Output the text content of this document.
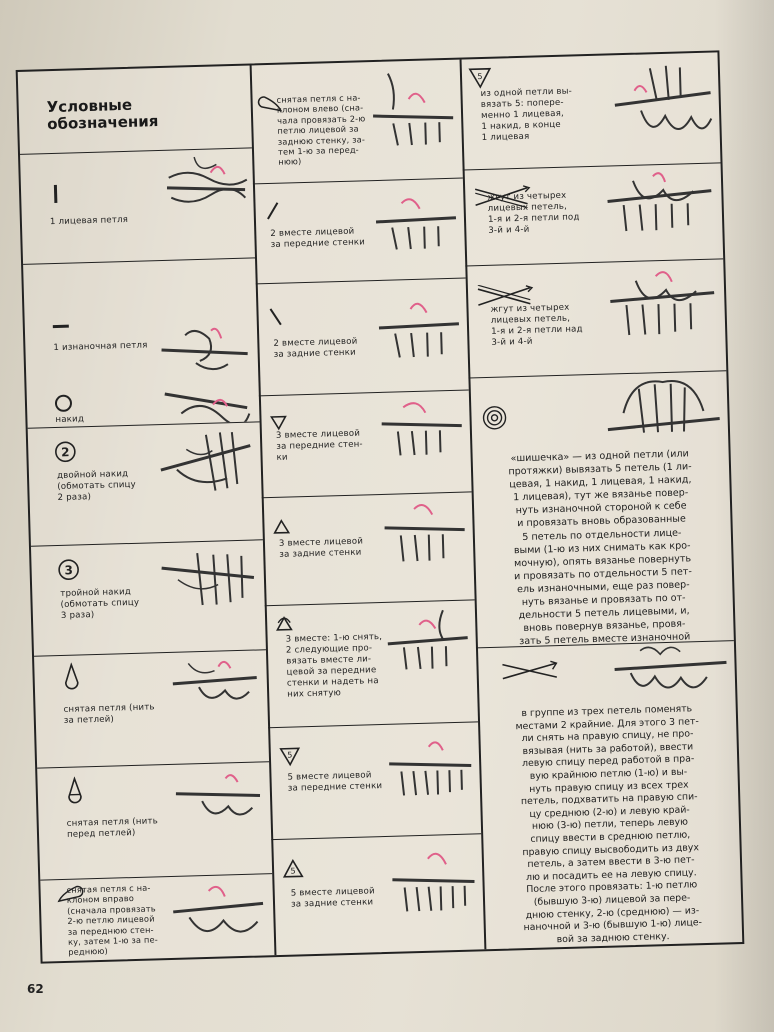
Условные
обозначения
1 лицевая петля
1 изнаночная петля
накид
2
двойной накид
(обмотать спицу
2 раза)
3
тройной накид
(обмотать спицу
3 раза)
снятая петля (нить
за петлей)
снятая петля (нить
перед петлей)
снятая петля с на-
клоном вправо
(сначала провязать
2-ю петлю лицевой
за переднюю стен-
ку, затем 1-ю за пе-
реднюю)
снятая петля с на-
клоном влево (сна-
чала провязать 2-ю
петлю лицевой за
заднюю стенку, за-
тем 1-ю за перед-
нюю)
2 вместе лицевой
за передние стенки
2 вместе лицевой
за задние стенки
3 вместе лицевой
за передние стен-
ки
3 вместе лицевой
за задние стенки
3 вместе: 1-ю снять,
2 следующие про-
вязать вместе ли-
цевой за передние
стенки и надеть на
них снятую
5
5 вместе лицевой
за передние стенки
5
5 вместе лицевой
за задние стенки
5
из одной петли вы-
вязать 5: попере-
менно 1 лицевая,
1 накид, в конце
1 лицевая
жгут из четырех
лицевых петель,
1-я и 2-я петли под
3-й и 4-й
жгут из четырех
лицевых петель,
1-я и 2-я петли над
3-й и 4-й
«шишечка» — из одной петли (или
протяжки) вывязать 5 петель (1 ли-
цевая, 1 накид, 1 лицевая, 1 накид,
1 лицевая), тут же вязанье повер-
нуть изнаночной стороной к себе
и провязать вновь образованные
5 петель по отдельности лице-
выми (1-ю из них снимать как кро-
мочную), опять вязанье повернуть
и провязать по отдельности 5 пет-
ель изнаночными, еще раз повер-
нуть вязанье и провязать по от-
дельности 5 петель лицевыми, и,
вновь повернув вязанье, провя-
зать 5 петель вместе изнаночной
в группе из трех петель поменять
местами 2 крайние. Для этого 3 пет-
ли снять на правую спицу, не про-
вязывая (нить за работой), ввести
левую спицу перед работой в пра-
вую крайнюю петлю (1-ю) и вы-
нуть правую спицу из всех трех
петель, подхватить на правую спи-
цу среднюю (2-ю) и левую край-
нюю (3-ю) петли, теперь левую
спицу ввести в среднюю петлю,
правую спицу высвободить из двух
петель, а затем ввести в 3-ю пет-
лю и посадить ее на левую спицу.
После этого провязать: 1-ю петлю
(бывшую 3-ю) лицевой за пере-
днюю стенку, 2-ю (среднюю) — из-
наночной и 3-ю (бывшую 1-ю) лице-
вой за заднюю стенку.
62
